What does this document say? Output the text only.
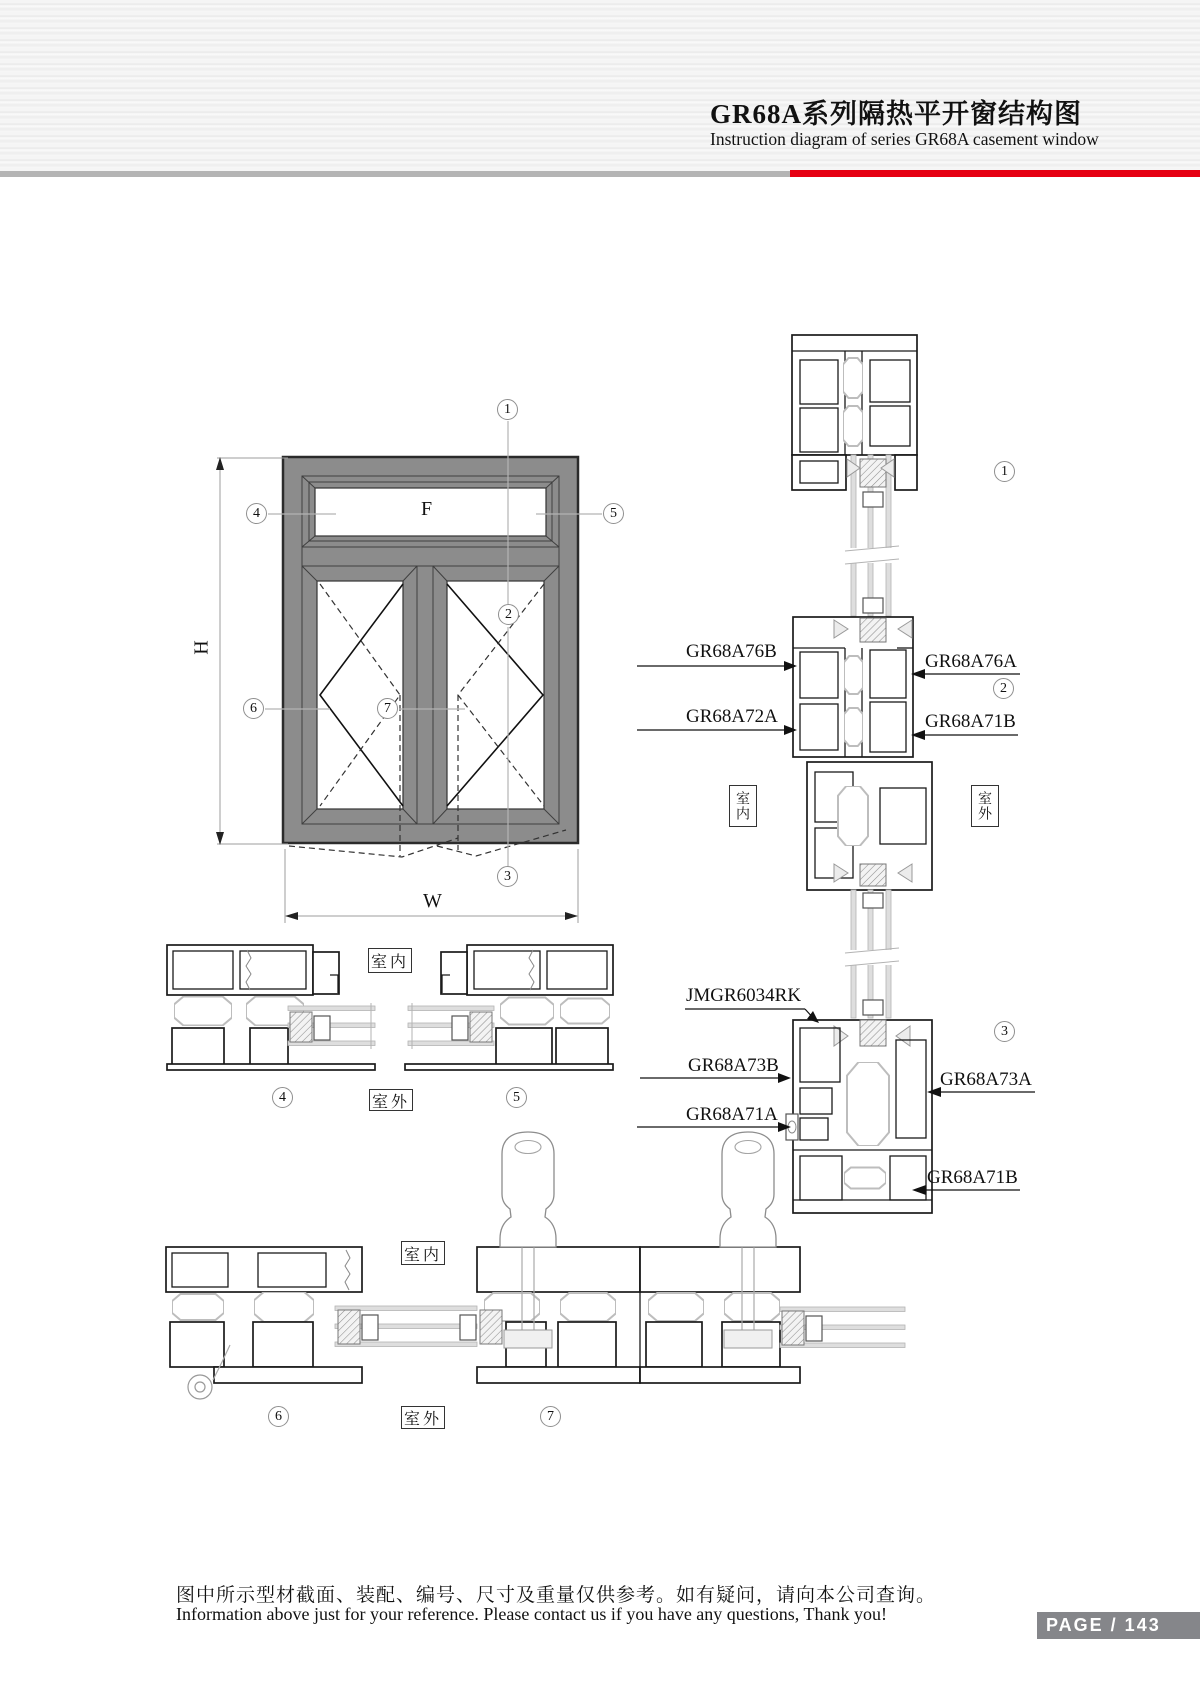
GR68A系列隔热平开窗结构图
Instruction diagram of series GR68A casement window
1
2
3
4	5
6	7
1
2
3
4	5
6	7
F
H
W
GR68A76B	GR68A76A
GR68A72A	GR68A71B
JMGR6034RK
GR68A73B
GR68A73A
GR68A71A
GR68A71B
室内	室外
室内
室外
室内
室外
图中所示型材截面、装配、编号、尺寸及重量仅供参考。如有疑问，请向本公司查询。
Information above just for your reference. Please contact us if you have any questions, Thank you!
PAGE / 143
